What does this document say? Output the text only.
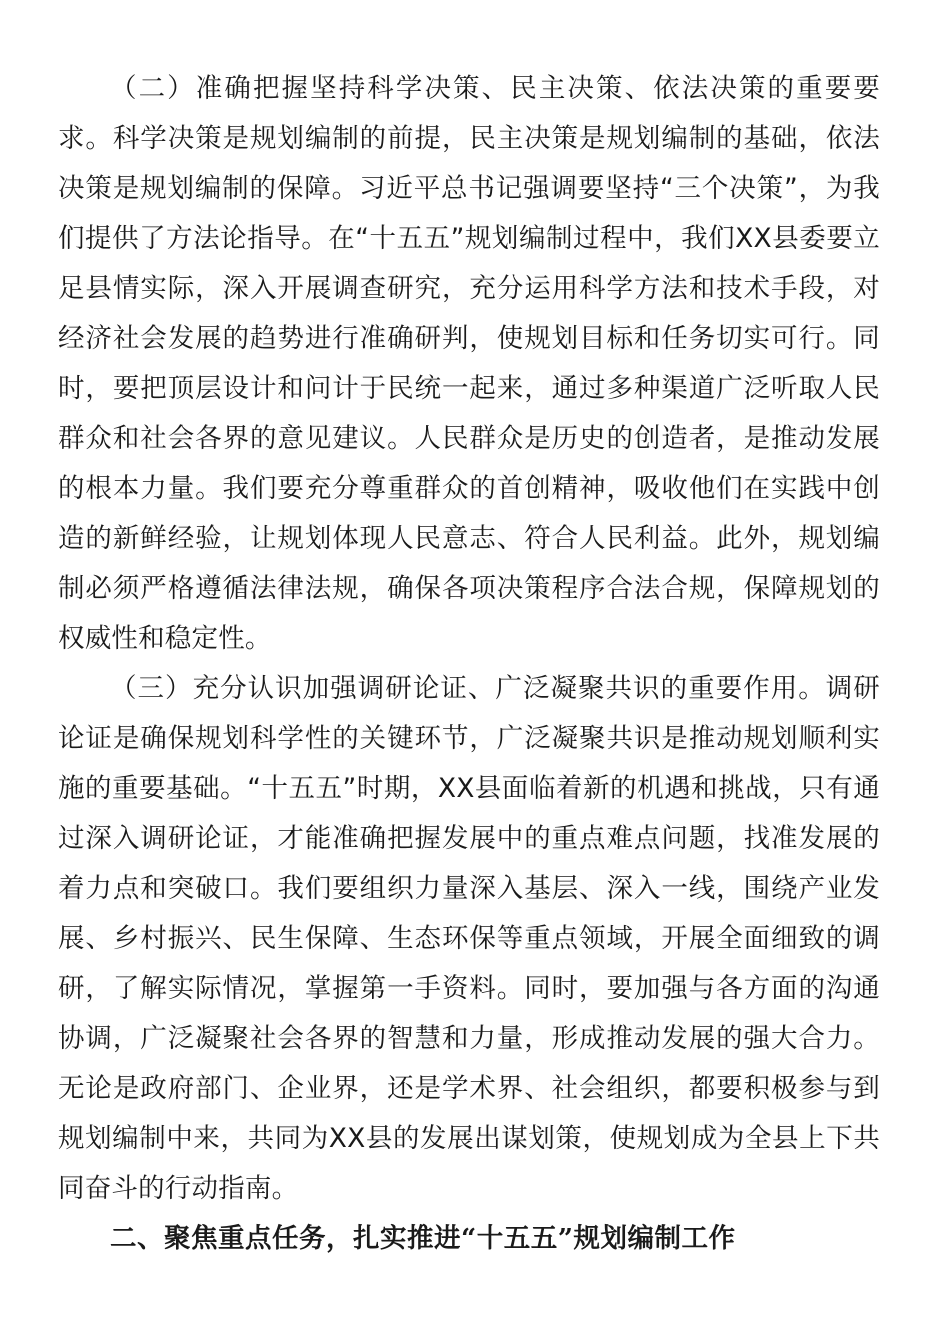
（二）准确把握坚持科学决策、民主决策、依法决策的重要要求。科学决策是规划编制的前提，民主决策是规划编制的基础，依法决策是规划编制的保障。习近平总书记强调要坚持“三个决策”，为我们提供了方法论指导。在“十五五”规划编制过程中，我们XX县委要立足县情实际，深入开展调查研究，充分运用科学方法和技术手段，对经济社会发展的趋势进行准确研判，使规划目标和任务切实可行。同时，要把顶层设计和问计于民统一起来，通过多种渠道广泛听取人民群众和社会各界的意见建议。人民群众是历史的创造者，是推动发展的根本力量。我们要充分尊重群众的首创精神，吸收他们在实践中创造的新鲜经验，让规划体现人民意志、符合人民利益。此外，规划编制必须严格遵循法律法规，确保各项决策程序合法合规，保障规划的权威性和稳定性。

（三）充分认识加强调研论证、广泛凝聚共识的重要作用。调研论证是确保规划科学性的关键环节，广泛凝聚共识是推动规划顺利实施的重要基础。“十五五”时期，XX县面临着新的机遇和挑战，只有通过深入调研论证，才能准确把握发展中的重点难点问题，找准发展的着力点和突破口。我们要组织力量深入基层、深入一线，围绕产业发展、乡村振兴、民生保障、生态环保等重点领域，开展全面细致的调研，了解实际情况，掌握第一手资料。同时，要加强与各方面的沟通协调，广泛凝聚社会各界的智慧和力量，形成推动发展的强大合力。无论是政府部门、企业界，还是学术界、社会组织，都要积极参与到规划编制中来，共同为XX县的发展出谋划策，使规划成为全县上下共同奋斗的行动指南。

二、聚焦重点任务，扎实推进“十五五”规划编制工作
